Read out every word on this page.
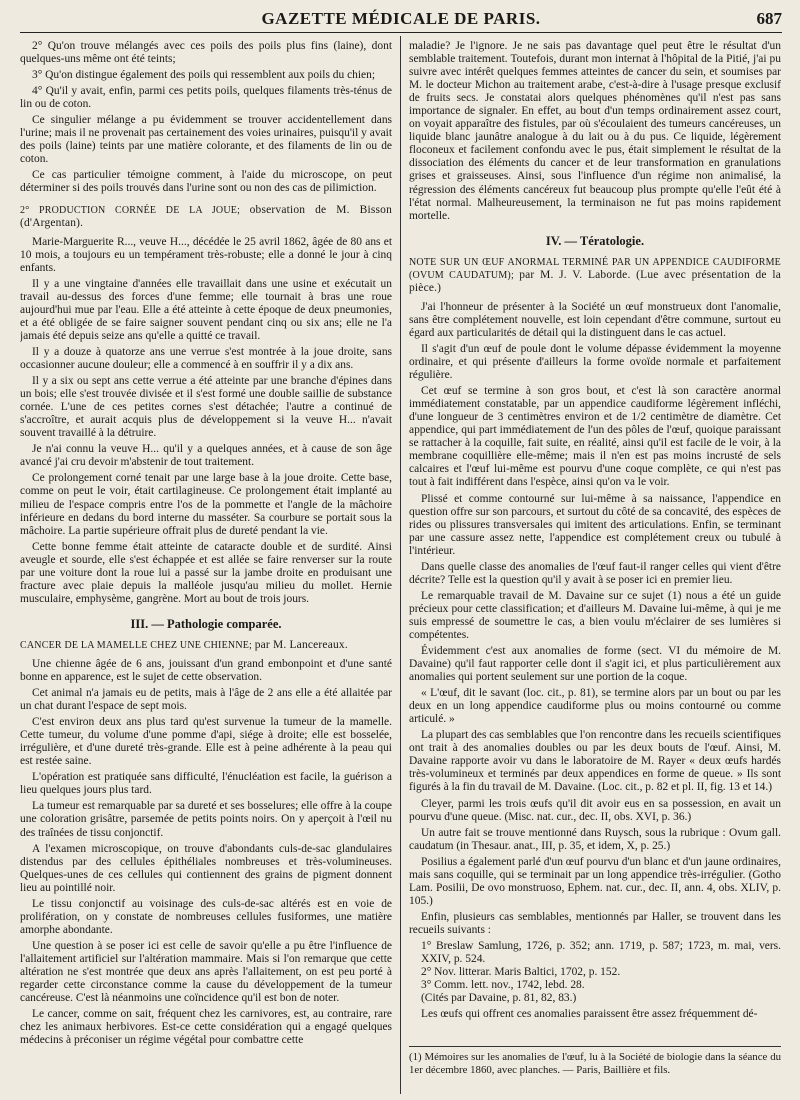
GAZETTE MÉDICALE DE PARIS.	687

2° Qu'on trouve mélangés avec ces poils des poils plus fins (laine), dont quelques-uns même ont été teints;

3° Qu'on distingue également des poils qui ressemblent aux poils du chien;

4° Qu'il y avait, enfin, parmi ces petits poils, quelques filaments très-ténus de lin ou de coton.

Ce singulier mélange a pu évidemment se trouver accidentellement dans l'urine; mais il ne provenait pas certainement des voies urinaires, puisqu'il y avait des poils (laine) teints par une matière colorante, et des filaments de lin ou de coton.

Ce cas particulier témoigne comment, à l'aide du microscope, on peut déterminer si des poils trouvés dans l'urine sont ou non des cas de pilimiction.

2° PRODUCTION CORNÉE DE LA JOUE; observation de M. Bisson (d'Argentan).

Marie-Marguerite R..., veuve H..., décédée le 25 avril 1862, âgée de 80 ans et 10 mois, a toujours eu un tempérament très-robuste; elle a donné le jour à cinq enfants.

Il y a une vingtaine d'années elle travaillait dans une usine et exécutait un travail au-dessus des forces d'une femme; elle tournait à bras une roue aujourd'hui mue par l'eau. Elle a été atteinte à cette époque de deux pneumonies, et a été obligée de se faire saigner souvent pendant cinq ou six ans; elle ne l'a jamais été depuis seize ans qu'elle a quitté ce travail.

Il y a douze à quatorze ans une verrue s'est montrée à la joue droite, sans occasionner aucune douleur; elle a commencé à en souffrir il y a dix ans.

Il y a six ou sept ans cette verrue a été atteinte par une branche d'épines dans un bois; elle s'est trouvée divisée et il s'est formé une double saillie de substance cornée. L'une de ces petites cornes s'est détachée; l'autre a continué de s'accroître, et aurait acquis plus de développement si la veuve H... n'avait souvent travaillé à la détruire.

Je n'ai connu la veuve H... qu'il y a quelques années, et à cause de son âge avancé j'ai cru devoir m'abstenir de tout traitement.

Ce prolongement corné tenait par une large base à la joue droite. Cette base, comme on peut le voir, était cartilagineuse. Ce prolongement était implanté au milieu de l'espace compris entre l'os de la pommette et l'angle de la mâchoire inférieure en dedans du bord interne du masséter. Sa courbure se portait sous la mâchoire. La partie supérieure offrait plus de dureté pendant la vie.

Cette bonne femme était atteinte de cataracte double et de surdité. Ainsi aveugle et sourde, elle s'est échappée et est allée se faire renverser sur la route par une voiture dont la roue lui a passé sur la jambe droite en produisant une fracture avec plaie depuis la malléole jusqu'au milieu du mollet. Hernie musculaire, emphysème, gangrène. Mort au bout de trois jours.

III. — Pathologie comparée.
CANCER DE LA MAMELLE CHEZ UNE CHIENNE; par M. Lancereaux.

Une chienne âgée de 6 ans, jouissant d'un grand embonpoint et d'une santé bonne en apparence, est le sujet de cette observation.

Cet animal n'a jamais eu de petits, mais à l'âge de 2 ans elle a été allaitée par un chat durant l'espace de sept mois.

C'est environ deux ans plus tard qu'est survenue la tumeur de la mamelle. Cette tumeur, du volume d'une pomme d'api, siége à droite; elle est bosselée, irrégulière, et d'une dureté très-grande. Elle est à peine adhérente à la peau qui est restée saine.

L'opération est pratiquée sans difficulté, l'énucléation est facile, la guérison a lieu quelques jours plus tard.

La tumeur est remarquable par sa dureté et ses bosselures; elle offre à la coupe une coloration grisâtre, parsemée de petits points noirs. On y aperçoit à l'œil nu des traînées de tissu conjonctif.

A l'examen microscopique, on trouve d'abondants culs-de-sac glandulaires distendus par des cellules épithéliales nombreuses et très-volumineuses. Quelques-unes de ces cellules qui contiennent des grains de pigment donnent lieu au pointillé noir.

Le tissu conjonctif au voisinage des culs-de-sac altérés est en voie de prolifération, on y constate de nombreuses cellules fusiformes, une matière amorphe abondante.

Une question à se poser ici est celle de savoir qu'elle a pu être l'influence de l'allaitement artificiel sur l'altération mammaire. Mais si l'on remarque que cette altération ne s'est montrée que deux ans après l'allaitement, on est peu porté à regarder cette circonstance comme la cause du développement de la tumeur cancéreuse. C'est là néanmoins une coïncidence qu'il est bon de noter.

Le cancer, comme on sait, fréquent chez les carnivores, est, au contraire, rare chez les animaux herbivores. Est-ce cette considération qui a engagé quelques médecins à préconiser un régime végétal pour combattre cette

maladie? Je l'ignore. Je ne sais pas davantage quel peut être le résultat d'un semblable traitement. Toutefois, durant mon internat à l'hôpital de la Pitié, j'ai pu suivre avec intérêt quelques femmes atteintes de cancer du sein, et soumises par M. le docteur Michon au traitement arabe, c'est-à-dire à l'usage presque exclusif de fruits secs. Je constatai alors quelques phénomènes qu'il n'est pas sans importance de signaler. En effet, au bout d'un temps ordinairement assez court, on voyait apparaître des fistules, par où s'écoulaient des tumeurs cancéreuses, un liquide blanc jaunâtre analogue à du lait ou à du pus. Ce liquide, légèrement floconeux et facilement confondu avec le pus, était simplement le résultat de la dissociation des éléments du cancer et de leur transformation en granulations grises et graisseuses. Ainsi, sous l'influence d'un régime non animalisé, la régression des éléments cancéreux fut beaucoup plus prompte qu'elle l'eût été à l'état normal. Malheureusement, la terminaison ne fut pas moins rapidement mortelle.

IV. — Tératologie.
NOTE SUR UN ŒUF ANORMAL TERMINÉ PAR UN APPENDICE CAUDIFORME (OVUM CAUDATUM); par M. J. V. Laborde. (Lue avec présentation de la pièce.)

J'ai l'honneur de présenter à la Société un œuf monstrueux dont l'anomalie, sans être complétement nouvelle, est loin cependant d'être commune, surtout eu égard aux particularités de détail qui la distinguent dans le cas actuel.

Il s'agit d'un œuf de poule dont le volume dépasse évidemment la moyenne ordinaire, et qui présente d'ailleurs la forme ovoïde normale et parfaitement régulière.

Cet œuf se termine à son gros bout, et c'est là son caractère anormal immédiatement constatable, par un appendice caudiforme légèrement infléchi, d'une longueur de 3 centimètres environ et de 1/2 centimètre de diamètre. Cet appendice, qui part immédiatement de l'un des pôles de l'œuf, quoique paraissant se rattacher à la coquille, fait suite, en réalité, ainsi qu'il est facile de le voir, à la membrane coquillière elle-même; mais il n'en est pas moins incrusté de sels calcaires et l'œuf lui-même est pourvu d'une coque complète, ce qui n'est pas tout à fait indifférent dans l'espèce, ainsi qu'on va le voir.

Plissé et comme contourné sur lui-même à sa naissance, l'appendice en question offre sur son parcours, et surtout du côté de sa concavité, des espèces de rides ou plissures transversales qui imitent des articulations. Enfin, se terminant par une cassure assez nette, l'appendice est complétement creux ou tubulé à l'intérieur.

Dans quelle classe des anomalies de l'œuf faut-il ranger celles qui vient d'être décrite? Telle est la question qu'il y avait à se poser ici en premier lieu.

Le remarquable travail de M. Davaine sur ce sujet (1) nous a été un guide précieux pour cette classification; et d'ailleurs M. Davaine lui-même, à qui je me suis empressé de soumettre le cas, a bien voulu m'éclairer de ses lumières si compétentes.

Évidemment c'est aux anomalies de forme (sect. VI du mémoire de M. Davaine) qu'il faut rapporter celle dont il s'agit ici, et plus particulièrement aux anomalies qui portent seulement sur une portion de la coque.

« L'œuf, dit le savant (loc. cit., p. 81), se termine alors par un bout ou par les deux en un long appendice caudiforme plus ou moins contourné ou comme articulé. »

La plupart des cas semblables que l'on rencontre dans les recueils scientifiques ont trait à des anomalies doubles ou par les deux bouts de l'œuf. Ainsi, M. Davaine rapporte avoir vu dans le laboratoire de M. Rayer « deux œufs hardés très-volumineux et terminés par deux appendices en forme de queue. » Ils sont figurés à la fin du travail de M. Davaine. (Loc. cit., p. 82 et pl. II, fig. 13 et 14.)

Cleyer, parmi les trois œufs qu'il dit avoir eus en sa possession, en avait un pourvu d'une queue. (Misc. nat. cur., dec. II, obs. XVI, p. 36.)

Un autre fait se trouve mentionné dans Ruysch, sous la rubrique : Ovum gall. caudatum (in Thesaur. anat., III, p. 35, et idem, X, p. 25.)

Posilius a également parlé d'un œuf pourvu d'un blanc et d'un jaune ordinaires, mais sans coquille, qui se terminait par un long appendice très-irrégulier. (Gotho Lam. Posilii, De ovo monstruoso, Ephem. nat. cur., dec. II, ann. 4, obs. XLIV, p. 105.)

Enfin, plusieurs cas semblables, mentionnés par Haller, se trouvent dans les recueils suivants :

1° Breslaw Samlung, 1726, p. 352; ann. 1719, p. 587; 1723, m. mai, vers. XXIV, p. 524.
2° Nov. litterar. Maris Baltici, 1702, p. 152.
3° Comm. lett. nov., 1742, lebd. 28.
(Cités par Davaine, p. 81, 82, 83.)

Les œufs qui offrent ces anomalies paraissent être assez fréquemment dé-

(1) Mémoires sur les anomalies de l'œuf, lu à la Société de biologie dans la séance du 1er décembre 1860, avec planches. — Paris, Baillière et fils.
